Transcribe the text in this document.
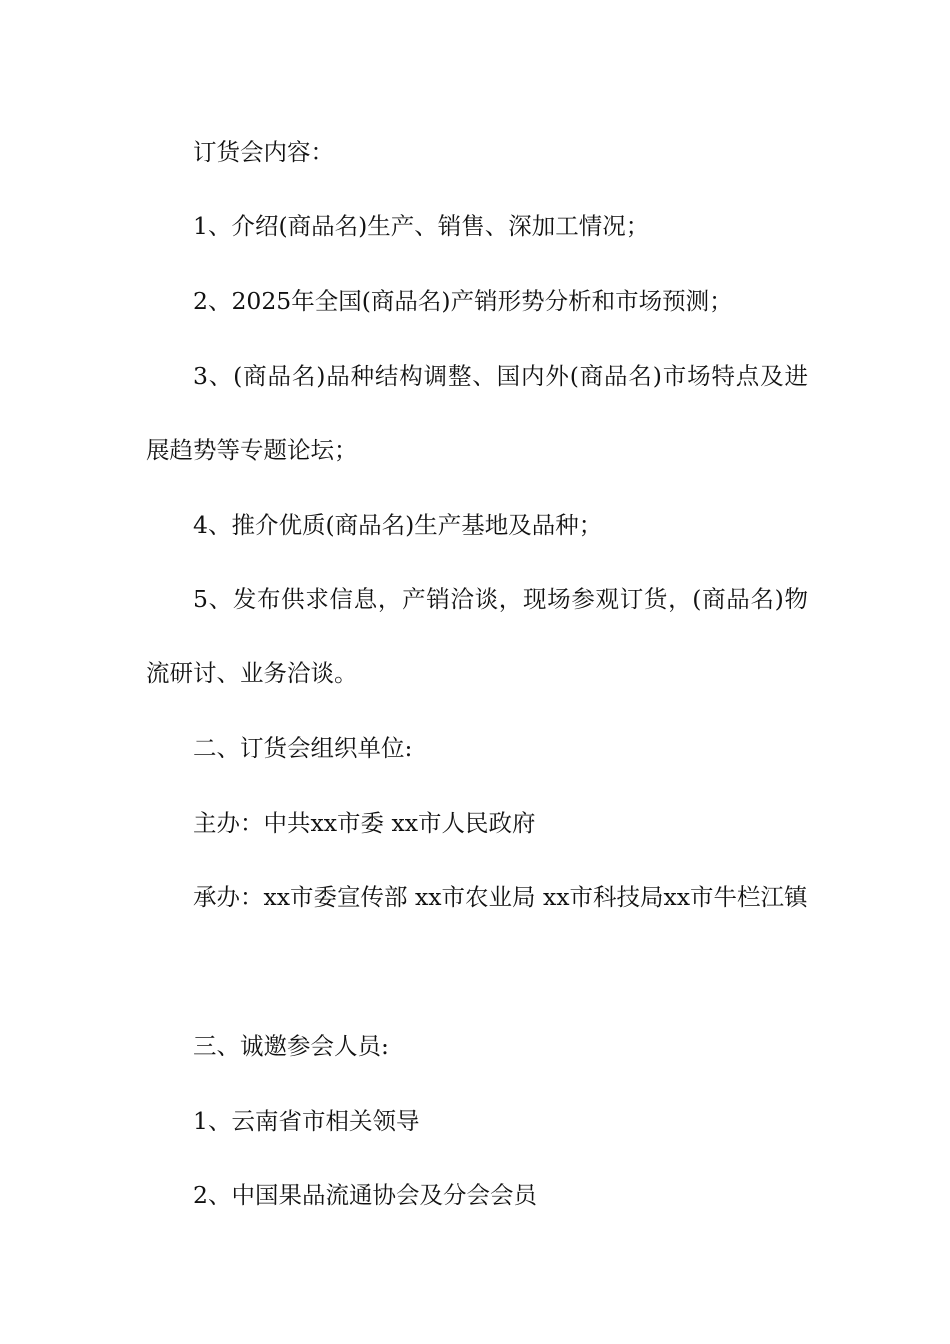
订货会内容：

1、介绍(商品名)生产、销售、深加工情况；

2、2025年全国(商品名)产销形势分析和市场预测；

3、(商品名)品种结构调整、国内外(商品名)市场特点及进展趋势等专题论坛；

4、推介优质(商品名)生产基地及品种；

5、发布供求信息，产销洽谈，现场参观订货，(商品名)物流研讨、业务洽谈。

二、订货会组织单位:

主办：中共xx市委 xx市人民政府

承办：xx市委宣传部 xx市农业局 xx市科技局xx市牛栏江镇

三、诚邀参会人员:

1、云南省市相关领导

2、中国果品流通协会及分会会员
